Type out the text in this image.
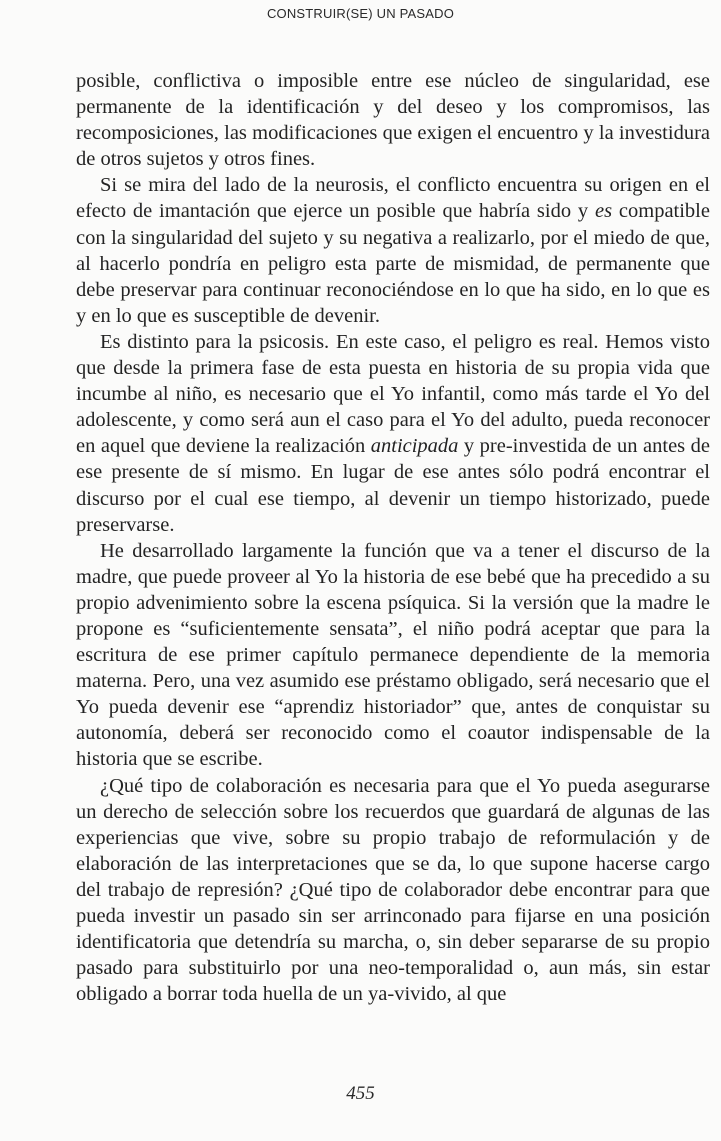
CONSTRUIR(SE) UN PASADO

posible, conflictiva o imposible entre ese núcleo de singularidad, ese permanente de la identificación y del deseo y los compromisos, las recomposiciones, las modificaciones que exigen el encuentro y la investidura de otros sujetos y otros fines.

Si se mira del lado de la neurosis, el conflicto encuentra su origen en el efecto de imantación que ejerce un posible que habría sido y es compatible con la singularidad del sujeto y su negativa a realizarlo, por el miedo de que, al hacerlo pondría en peligro esta parte de mismidad, de permanente que debe preservar para continuar reconociéndose en lo que ha sido, en lo que es y en lo que es susceptible de devenir.

Es distinto para la psicosis. En este caso, el peligro es real. Hemos visto que desde la primera fase de esta puesta en historia de su propia vida que incumbe al niño, es necesario que el Yo infantil, como más tarde el Yo del adolescente, y como será aun el caso para el Yo del adulto, pueda reconocer en aquel que deviene la realización anticipada y pre-investida de un antes de ese presente de sí mismo. En lugar de ese antes sólo podrá encontrar el discurso por el cual ese tiempo, al devenir un tiempo historizado, puede preservarse.

He desarrollado largamente la función que va a tener el discurso de la madre, que puede proveer al Yo la historia de ese bebé que ha precedido a su propio advenimiento sobre la escena psíquica. Si la versión que la madre le propone es “suficientemente sensata”, el niño podrá aceptar que para la escritura de ese primer capítulo permanece dependiente de la memoria materna. Pero, una vez asumido ese préstamo obligado, será necesario que el Yo pueda devenir ese “aprendiz historiador” que, antes de conquistar su autonomía, deberá ser reconocido como el coautor indispensable de la historia que se escribe.

¿Qué tipo de colaboración es necesaria para que el Yo pueda asegurarse un derecho de selección sobre los recuerdos que guardará de algunas de las experiencias que vive, sobre su propio trabajo de reformulación y de elaboración de las interpretaciones que se da, lo que supone hacerse cargo del trabajo de represión? ¿Qué tipo de colaborador debe encontrar para que pueda investir un pasado sin ser arrinconado para fijarse en una posición identificatoria que detendría su marcha, o, sin deber separarse de su propio pasado para substituirlo por una neo-temporalidad o, aun más, sin estar obligado a borrar toda huella de un ya-vivido, al que

455
